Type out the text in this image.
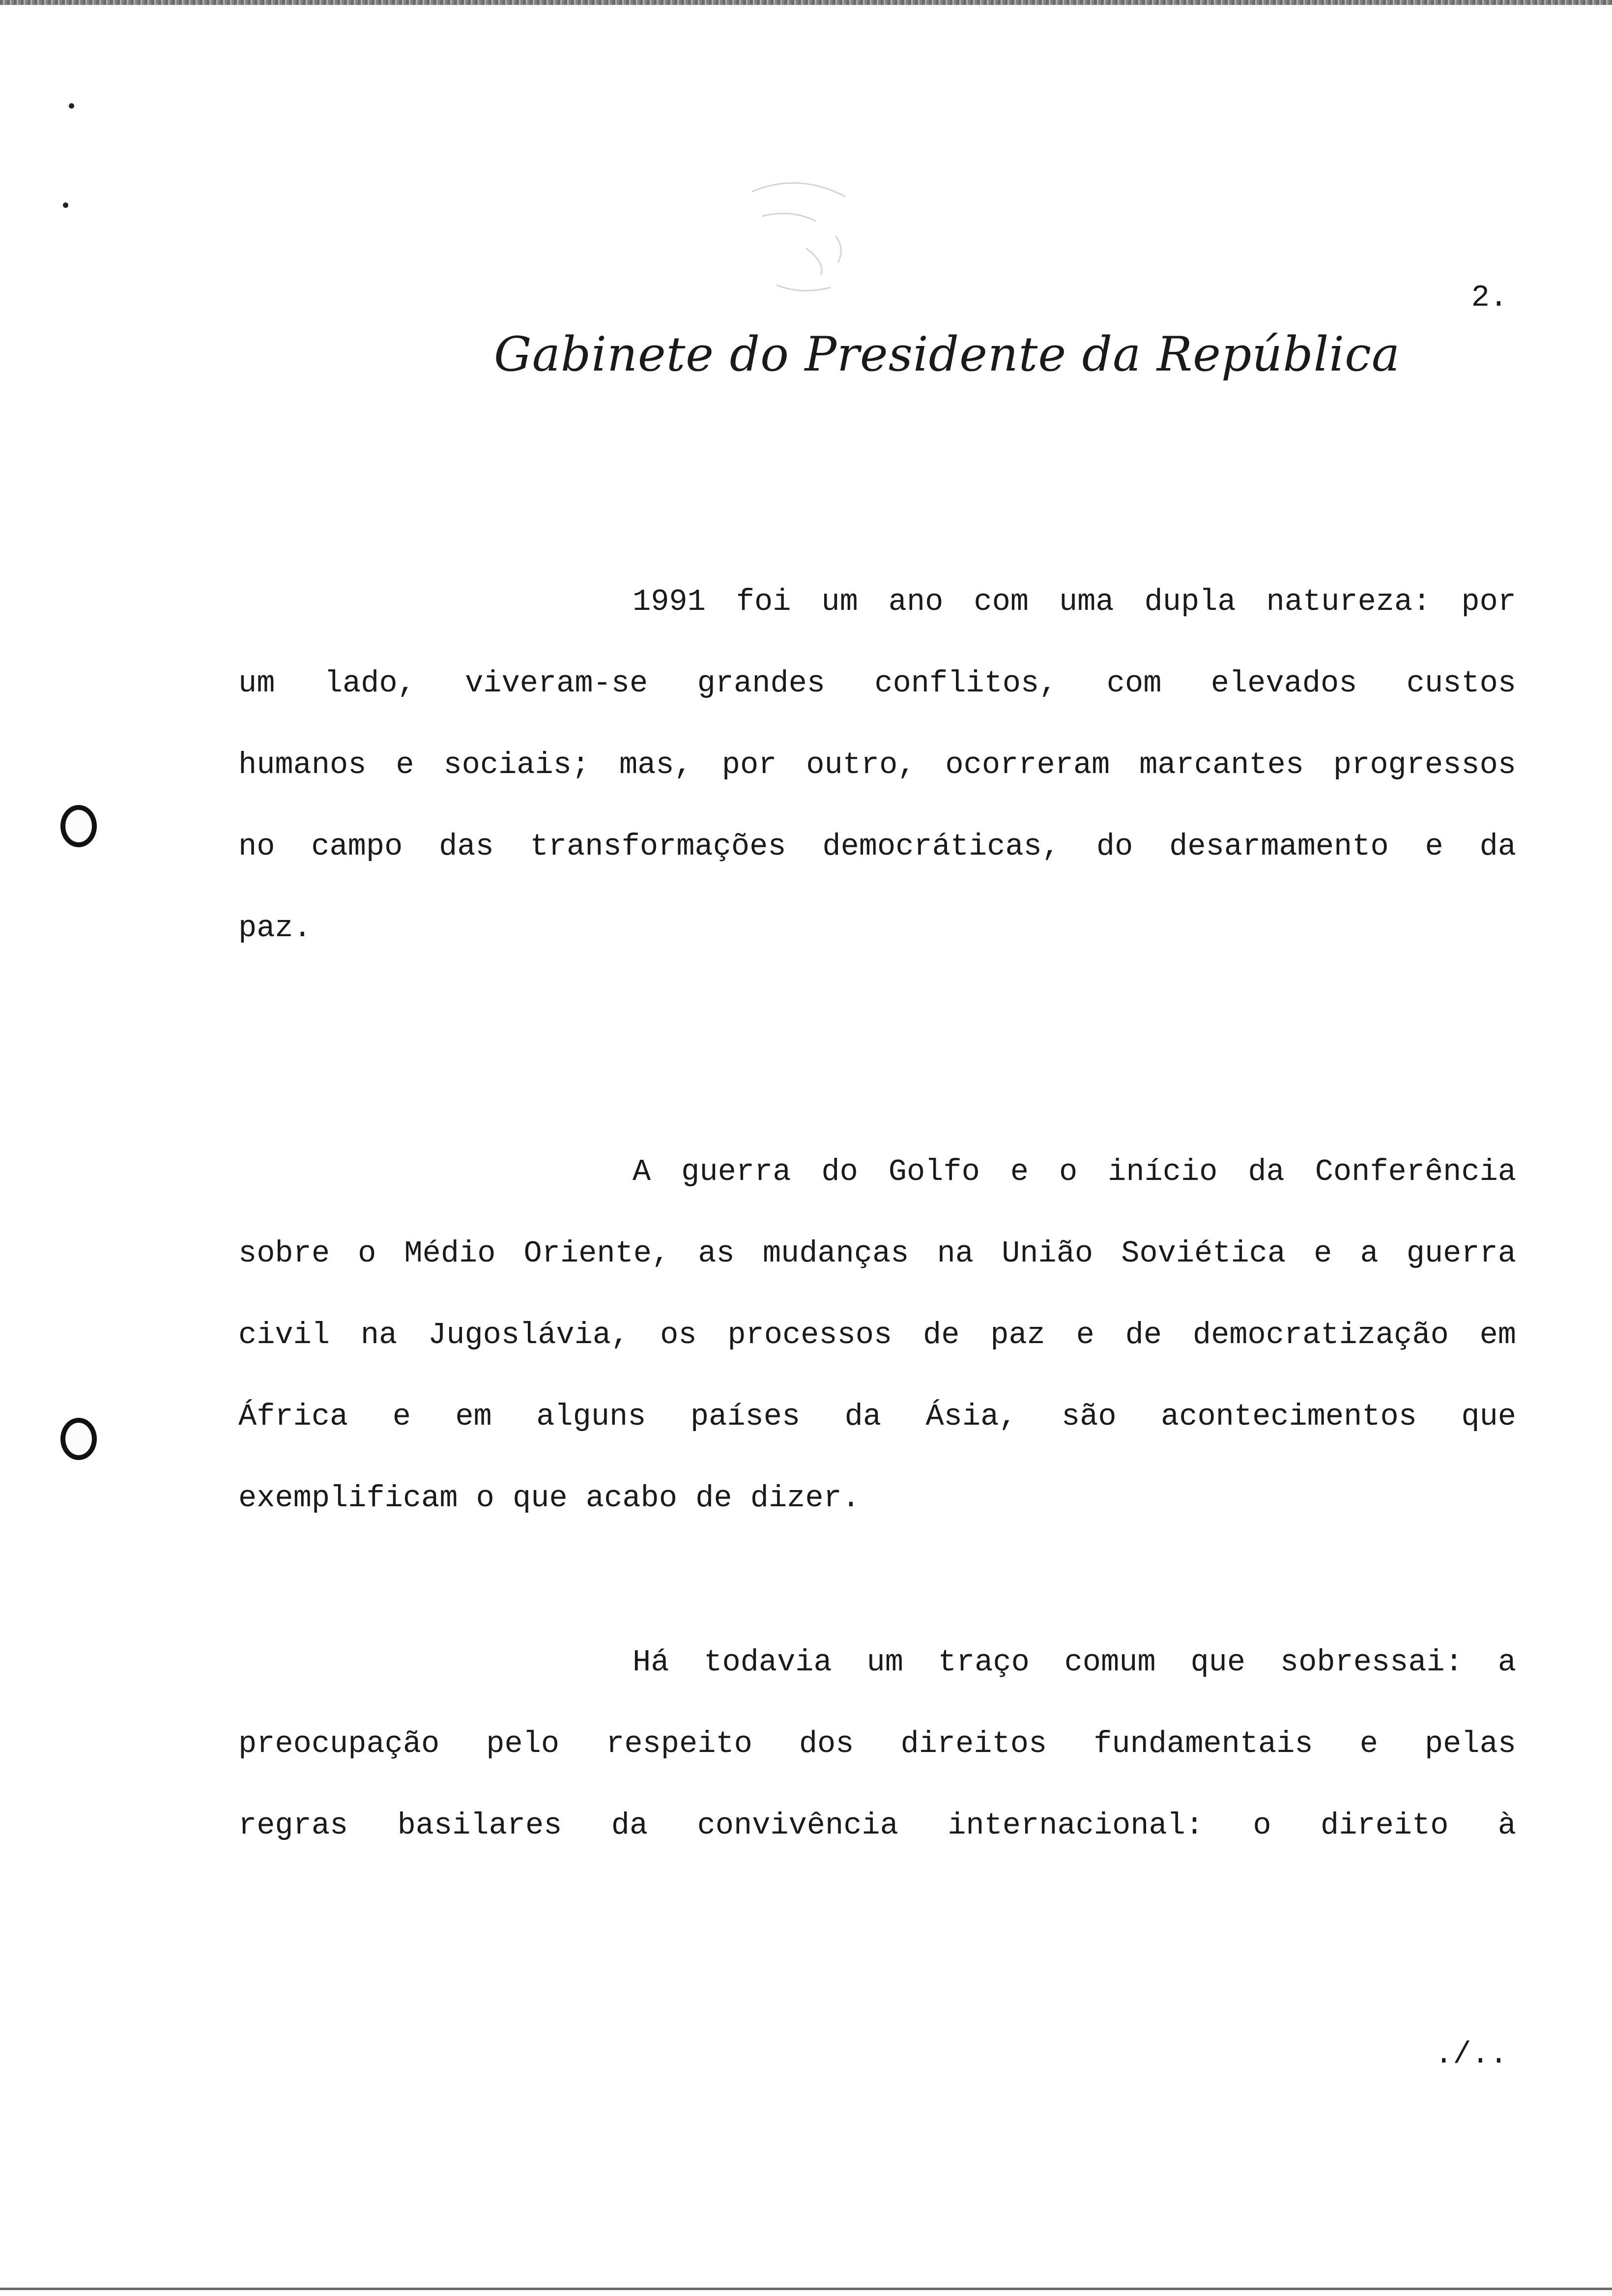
2.
Gabinete do Presidente da República
1991 foi um ano com uma dupla natureza: por
um lado, viveram-se grandes conflitos, com elevados custos
humanos e sociais; mas, por outro, ocorreram marcantes progressos
no campo das transformações democráticas, do desarmamento e da
paz.
A guerra do Golfo e o início da Conferência
sobre o Médio Oriente, as mudanças na União Soviética e a guerra
civil na Jugoslávia, os processos de paz e de democratização em
África e em alguns países da Ásia, são acontecimentos que
exemplificam o que acabo de dizer.
Há todavia um traço comum que sobressai: a
preocupação pelo respeito dos direitos fundamentais e pelas
regras basilares da convivência internacional: o direito à
./..
